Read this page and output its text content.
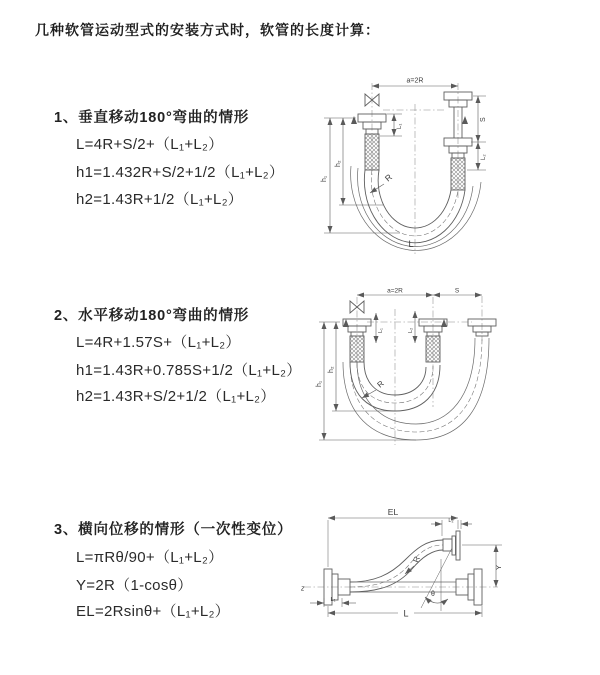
几种软管运动型式的安装方式时，软管的长度计算：
1、垂直移动180°弯曲的情形
L=4R+S/2+（L₁+L₂）
h1=1.432R+S/2+1/2（L₁+L₂）
h2=1.43R+1/2（L₁+L₂）
2、水平移动180°弯曲的情形
L=4R+1.57S+（L₁+L₂）
h1=1.43R+0.785S+1/2（L₁+L₂）
h2=1.43R+S/2+1/2（L₁+L₂）
3、横向位移的情形（一次性变位）
L=πRθ/90+（L₁+L₂）
Y=2R（1-cosθ）
EL=2Rsinθ+（L₁+L₂）
a=2R
h₁
h₂
L₁
S
L₂
R
L
a=2R	S
h₁
h₂
L₁	L₂
R
z
EL
L₂
Y
θ
R
L₁
L
